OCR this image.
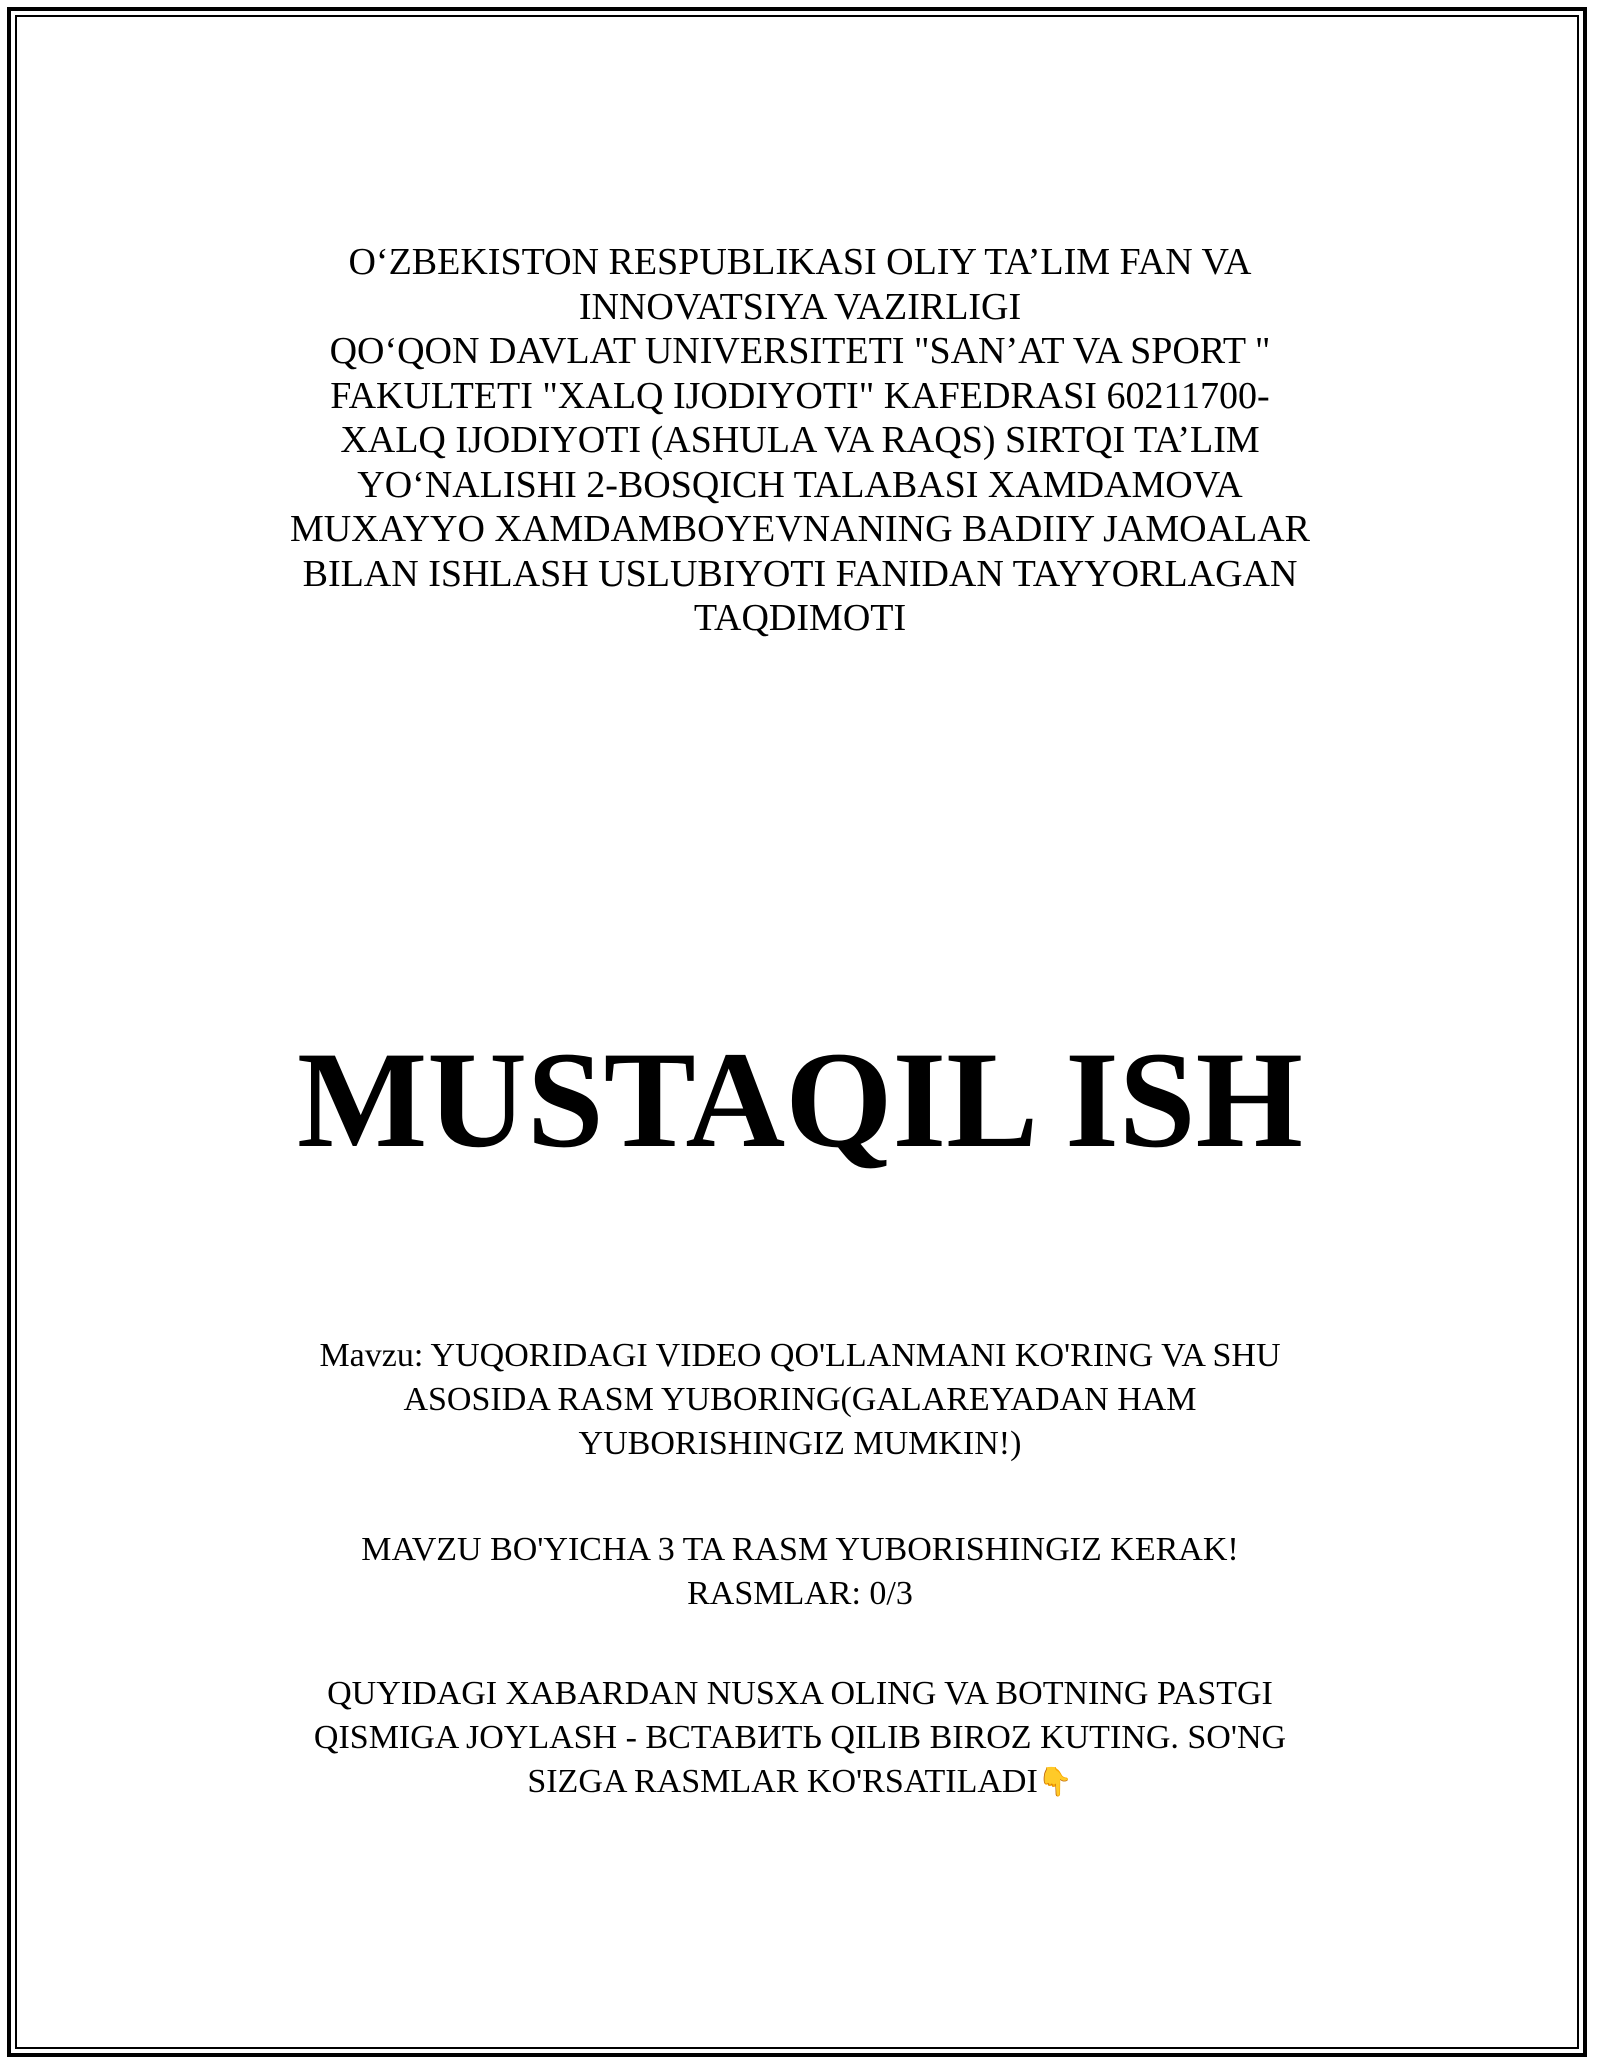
O‘ZBEKISTON RESPUBLIKASI OLIY TA’LIM FAN VA
INNOVATSIYA VAZIRLIGI
QO‘QON DAVLAT UNIVERSITETI "SAN’AT VA SPORT "
FAKULTETI "XALQ IJODIYOTI" KAFEDRASI 60211700-
XALQ IJODIYOTI (ASHULA VA RAQS) SIRTQI TA’LIM
YO‘NALISHI 2-BOSQICH TALABASI XAMDAMOVA
MUXAYYO XAMDAMBOYEVNANING BADIIY JAMOALAR
BILAN ISHLASH USLUBIYOTI FANIDAN TAYYORLAGAN
TAQDIMOTI
MUSTAQIL ISH
Mavzu: YUQORIDAGI VIDEO QO'LLANMANI KO'RING VA SHU
ASOSIDA RASM YUBORING(GALAREYADAN HAM
YUBORISHINGIZ MUMKIN!)
MAVZU BO'YICHA 3 TA RASM YUBORISHINGIZ KERAK!
RASMLAR: 0/3
QUYIDAGI XABARDAN NUSXA OLING VA BOTNING PASTGI
QISMIGA JOYLASH - ВСТАВИТЬ QILIB BIROZ KUTING. SO'NG
SIZGA RASMLAR KO'RSATILADI👇
